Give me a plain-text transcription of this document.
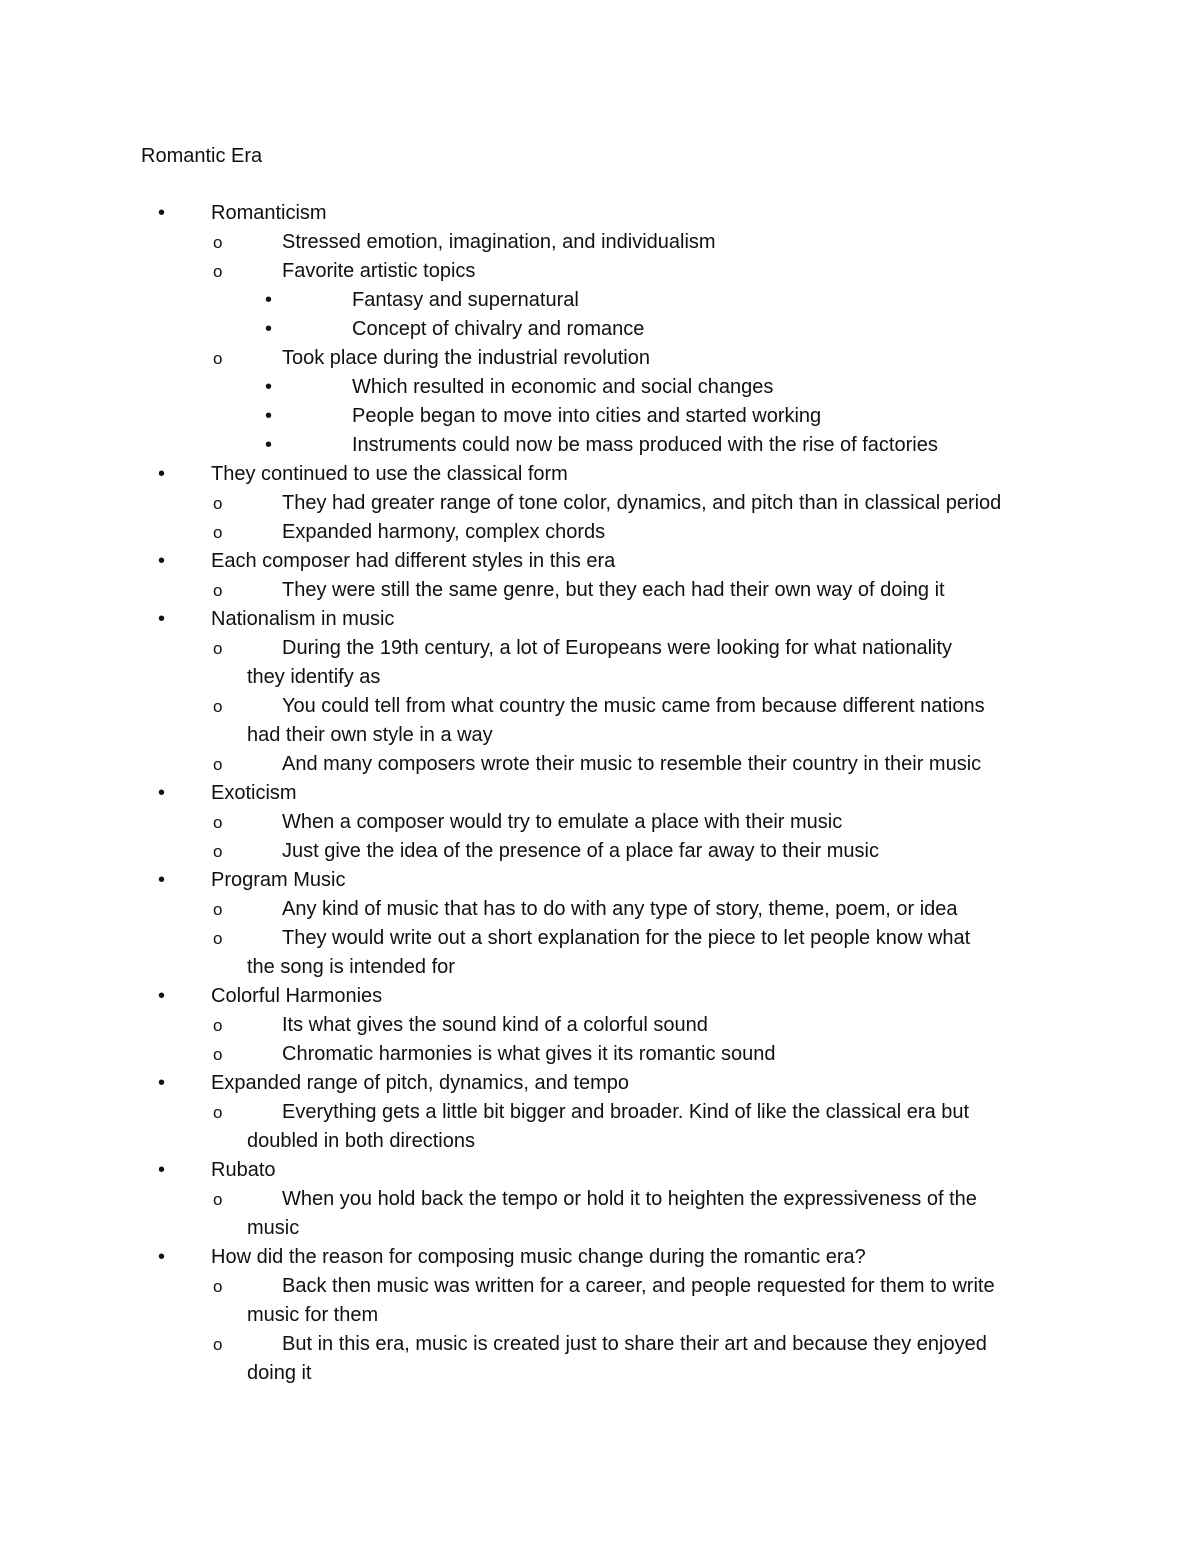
Romantic Era
• Romanticism
o	Stressed emotion, imagination, and individualism
o	Favorite artistic topics
•	Fantasy and supernatural
•	Concept of chivalry and romance
o	Took place during the industrial revolution
•	Which resulted in economic and social changes
•	People began to move into cities and started working
•	Instruments could now be mass produced with the rise of factories
• They continued to use the classical form
o	They had greater range of tone color, dynamics, and pitch than in classical period
o	Expanded harmony, complex chords
• Each composer had different styles in this era
o	They were still the same genre, but they each had their own way of doing it
• Nationalism in music
o	During the 19th century, a lot of Europeans were looking for what nationality
they identify as
o	You could tell from what country the music came from because different nations
had their own style in a way
o	And many composers wrote their music to resemble their country in their music
• Exoticism
o	When a composer would try to emulate a place with their music
o	Just give the idea of the presence of a place far away to their music
• Program Music
o	Any kind of music that has to do with any type of story, theme, poem, or idea
o	They would write out a short explanation for the piece to let people know what
the song is intended for
• Colorful Harmonies
o	Its what gives the sound kind of a colorful sound
o	Chromatic harmonies is what gives it its romantic sound
• Expanded range of pitch, dynamics, and tempo
o	Everything gets a little bit bigger and broader. Kind of like the classical era but
doubled in both directions
• Rubato
o	When you hold back the tempo or hold it to heighten the expressiveness of the
music
• How did the reason for composing music change during the romantic era?
o	Back then music was written for a career, and people requested for them to write
music for them
o	But in this era, music is created just to share their art and because they enjoyed
doing it
